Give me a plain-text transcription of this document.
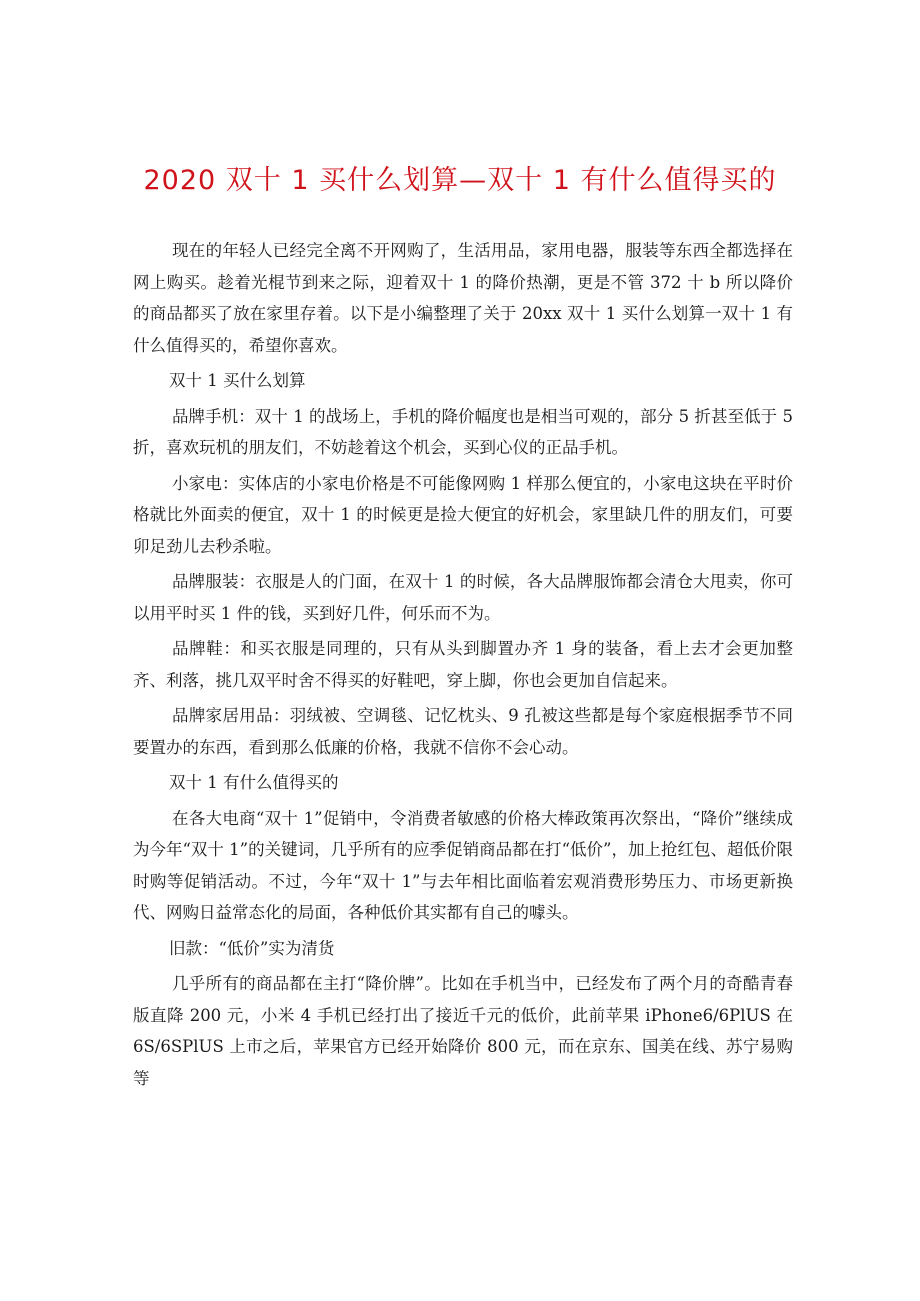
2020 双十 1 买什么划算—双十 1 有什么值得买的

现在的年轻人已经完全离不开网购了，生活用品，家用电器，服装等东西全都选择在网上购买。趁着光棍节到来之际，迎着双十 1 的降价热潮，更是不管 372 十 b 所以降价的商品都买了放在家里存着。以下是小编整理了关于 20xx 双十 1 买什么划算一双十 1 有什么值得买的，希望你喜欢。

双十 1 买什么划算

品牌手机：双十 1 的战场上，手机的降价幅度也是相当可观的，部分 5 折甚至低于 5 折，喜欢玩机的朋友们，不妨趁着这个机会，买到心仪的正品手机。

小家电：实体店的小家电价格是不可能像网购 1 样那么便宜的，小家电这块在平时价格就比外面卖的便宜，双十 1 的时候更是捡大便宜的好机会，家里缺几件的朋友们，可要卯足劲儿去秒杀啦。

品牌服装：衣服是人的门面，在双十 1 的时候，各大品牌服饰都会清仓大甩卖，你可以用平时买 1 件的钱，买到好几件，何乐而不为。

品牌鞋：和买衣服是同理的，只有从头到脚置办齐 1 身的装备，看上去才会更加整齐、利落，挑几双平时舍不得买的好鞋吧，穿上脚，你也会更加自信起来。

品牌家居用品：羽绒被、空调毯、记忆枕头、9 孔被这些都是每个家庭根据季节不同要置办的东西，看到那么低廉的价格，我就不信你不会心动。

双十 1 有什么值得买的

在各大电商“双十 1”促销中，令消费者敏感的价格大棒政策再次祭出，“降价”继续成为今年“双十 1”的关键词，几乎所有的应季促销商品都在打“低价”，加上抢红包、超低价限时购等促销活动。不过，今年“双十 1”与去年相比面临着宏观消费形势压力、市场更新换代、网购日益常态化的局面，各种低价其实都有自己的噱头。

旧款：“低价”实为清货

几乎所有的商品都在主打“降价牌”。比如在手机当中，已经发布了两个月的奇酷青春版直降 200 元，小米 4 手机已经打出了接近千元的低价，此前苹果 iPhone6/6PlUS 在 6S/6SPlUS 上市之后，苹果官方已经开始降价 800 元，而在京东、国美在线、苏宁易购等
